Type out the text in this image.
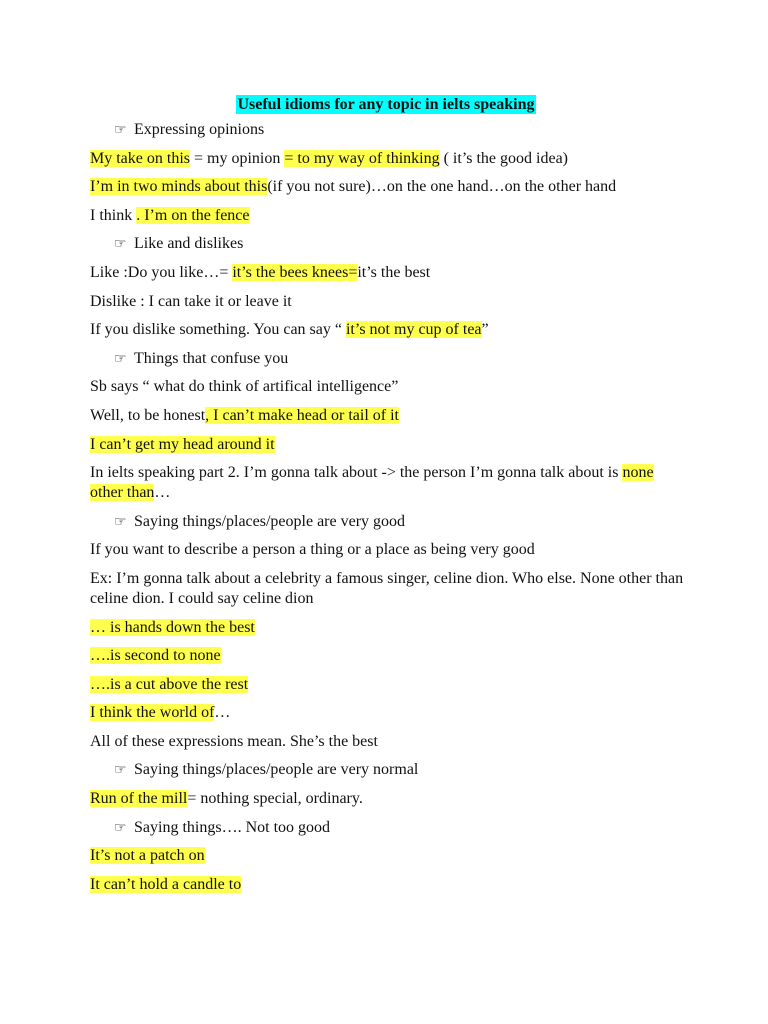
Useful idioms for any topic in ielts speaking
☞ Expressing opinions
My take on this = my opinion = to my way of thinking ( it’s the good idea)
I’m in two minds about this(if you not sure)…on the one hand…on the other hand
I think . I’m on the fence
☞ Like and dislikes
Like :Do you like…= it’s the bees knees=it’s the best
Dislike : I can take it or leave it
If you dislike something. You can say “ it’s not my cup of tea”
☞ Things that confuse you
Sb says “ what do think of artifical intelligence”
Well, to be honest, I can’t make head or tail of it
I can’t get my head around it
In ielts speaking part 2. I’m gonna talk about -> the person I’m gonna talk about is none other than…
☞ Saying things/places/people are very good
If you want to describe a person a thing or a place as being very good
Ex: I’m gonna talk about a celebrity a famous singer, celine dion. Who else. None other than celine dion. I could say celine dion
… is hands down the best
….is second to none
….is a cut above the rest
I think the world of…
All of these expressions mean. She’s the best
☞ Saying things/places/people are very normal
Run of the mill= nothing special, ordinary.
☞ Saying things…. Not too good
It’s not a patch on
It can’t hold a candle to
